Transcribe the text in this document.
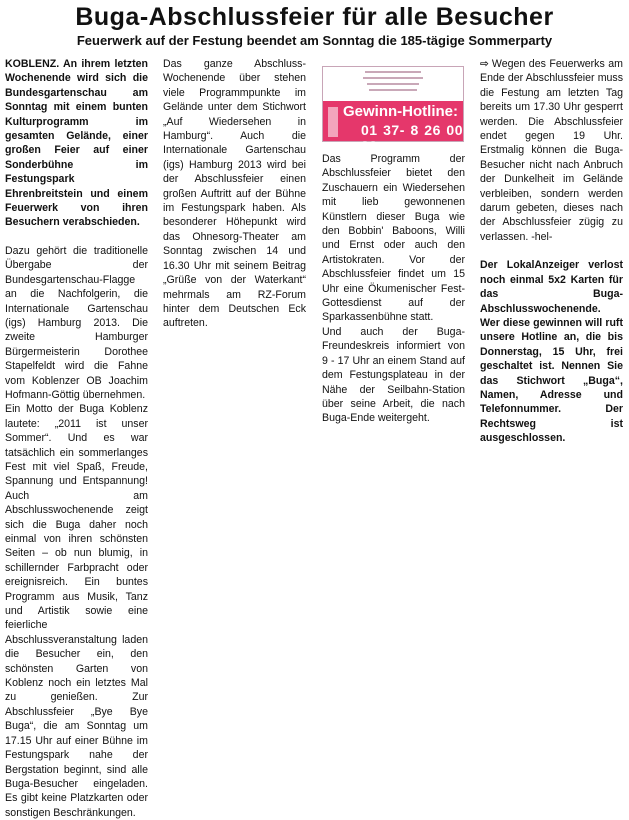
Buga-Abschlussfeier für alle Besucher
Feuerwerk auf der Festung beendet am Sonntag die 185-tägige Sommerparty

KOBLENZ. An ihrem letzten Wochenende wird sich die Bundesgartenschau am Sonntag mit einem bunten Kulturprogramm im gesamten Gelände, einer großen Feier auf einer Sonderbühne im Festungspark Ehrenbreitstein und einem Feuerwerk von ihren Besuchern verabschieden.

Dazu gehört die traditionelle Übergabe der Bundesgartenschau-Flagge an die Nachfolgerin, die Internationale Gartenschau (igs) Hamburg 2013. Die zweite Hamburger Bürgermeisterin Dorothee Stapelfeldt wird die Fahne vom Koblenzer OB Joachim Hofmann-Göttig übernehmen.

Ein Motto der Buga Koblenz lautete: „2011 ist unser Sommer“. Und es war tatsächlich ein sommerlanges Fest mit viel Spaß, Freude, Spannung und Entspannung! Auch am Abschlusswochenende zeigt sich die Buga daher noch einmal von ihren schönsten Seiten – ob nun blumig, in schillernder Farbpracht oder ereignisreich. Ein buntes Programm aus Musik, Tanz und Artistik sowie eine feierliche Abschlussveranstaltung laden die Besucher ein, den schönsten Garten von Koblenz noch ein letztes Mal zu genießen. Zur Abschlussfeier „Bye Bye Buga“, die am Sonntag um 17.15 Uhr auf einer Bühne im Festungspark nahe der Bergstation beginnt, sind alle Buga-Besucher eingeladen. Es gibt keine Platzkarten oder sonstigen Beschränkungen.

Das ganze Abschluss-Wochenende über stehen viele Programmpunkte im Gelände unter dem Stichwort „Auf Wiedersehen in Hamburg“. Auch die Internationale Gartenschau (igs) Hamburg 2013 wird bei der Abschlussfeier einen großen Auftritt auf der Bühne im Festungspark haben. Als besonderer Höhepunkt wird das Ohnesorg-Theater am Sonntag zwischen 14 und 16.30 Uhr mit seinem Beitrag „Grüße von der Waterkant“ mehrmals am RZ-Forum hinter dem Deutschen Eck auftreten.

Gewinn-Hotline:
01 37- 8 26 00 83

Das Programm der Abschlussfeier bietet den Zuschauern ein Wiedersehen mit lieb gewonnenen Künstlern dieser Buga wie den Bobbin' Baboons, Willi und Ernst oder auch den Artistokraten. Vor der Abschlussfeier findet um 15 Uhr eine Ökumenischer Fest-Gottesdienst auf der Sparkassenbühne statt.

Und auch der Buga-Freundeskreis informiert von 9 - 17 Uhr an einem Stand auf dem Festungsplateau in der Nähe der Seilbahn-Station über seine Arbeit, die nach Buga-Ende weitergeht.

⇨ Wegen des Feuerwerks am Ende der Abschlussfeier muss die Festung am letzten Tag bereits um 17.30 Uhr gesperrt werden. Die Abschlussfeier endet gegen 19 Uhr. Erstmalig können die Buga-Besucher nicht nach Anbruch der Dunkelheit im Gelände verbleiben, sondern werden darum gebeten, dieses nach der Abschlussfeier zügig zu verlassen. -hel-

Der LokalAnzeiger verlost noch einmal 5x2 Karten für das Buga-Abschlusswochenende. Wer diese gewinnen will ruft unsere Hotline an, die bis Donnerstag, 15 Uhr, frei geschaltet ist. Nennen Sie das Stichwort „Buga“, Namen, Adresse und Telefonnummer. Der Rechtsweg ist ausgeschlossen.
